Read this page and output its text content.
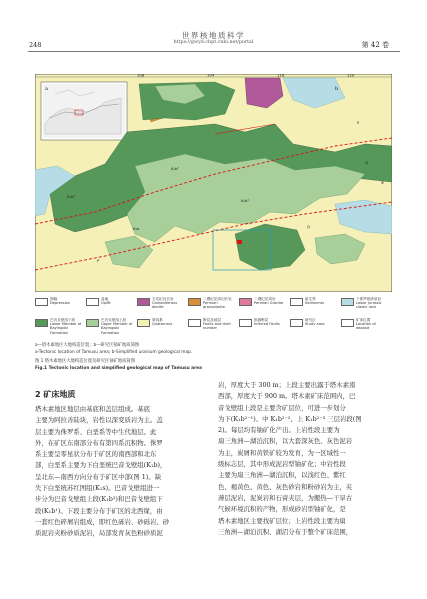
世界核地质科学
https://gwyd.cbpt.cnki.net/portal
248	第 42 卷
a	b
108	104	116	120
K₂b³
K₂b²
K₂b¹
K₂b
Q
Q
E
P
Ψ
图幅
Depression
盆地
Uplift
石炭纪闪长岩
Carboniferous diorite
二叠纪花岗闪长岩
Permian granodiorite
二叠纪花岗岩
Permian Granite
新生界
Sediments
下侏罗统砂质岩
Lower Jurassic clastic rock
巴音戈壁组下段
Lower Member of Bayingobi Formation
巴音戈壁组上段
Upper Member of Bayingobi Formation
第四系
Quaternary
断层及地层
Faults and their number
推测断层
Inferred Faults
研究区
Study area
矿床位置
Location of deposit
a—塔木素地区大地构造位置；b—研究区铀矿地质简图
a-Tectonic location of Tamusu area; b-Simplified uranium geological map.
图 1 塔木素地区大地构造位置及研究区铀矿地质简图
Fig.1 Tectonic location and simplified geological map of Tamusu area
2 矿床地质

塔木素地区地层由基底和盖层组成。基底

主要为阿拉善陆块，岩性以深变质岩为主。盖

层主要为侏罗系、白垩系等中生代地层。此

外，在矿区东南部分布有第四系沉积物。侏罗

系主要呈零星状分布于矿区的南西部和北东

部，白垩系主要为下白垩统巴音戈壁组(K₁b)，

呈北东—南西方向分布于矿区中部(图 1)。缺

失下白垩统苏红图组(K₁s)。巴音戈壁组进一

步分为巴音戈壁组上段(K₁b²)和巴音戈壁组下

段(K₁b¹)。下段主要分布于矿区的北西缘，由

一套红色碎屑岩组成，即红色砾岩、砂砾岩、砂

质泥岩夹粉砂质泥岩，局部发育灰色粉砂质泥

岩，厚度大于 300 m；上段主要出露于塔木素南

西部，厚度大于 900 m。塔木素矿床范围内，巴

音戈壁组上段是主要含矿层位，可进一步划分

为下(K₁b²⁻¹)、中 K₁b²⁻²、上 K₁b²⁻³ 三层岩段(图

2)。每层均有铀矿化产出。上岩性段主要为

扇三角洲—湖泊沉积，以大套深灰色、灰色泥岩

为主，炭屑和黄铁矿较为发育，为一区域性一

级标志层，其中形成泥岩型铀矿化；中岩性段

主要为扇三角洲—湖泊沉积，以浅红色、紫红

色、褐黄色、黄色、灰色砂岩和粉砂岩为主，夹

薄层泥岩，泥炭岩和石膏夹层，为搬热—干旱古

气候环境沉积的产物，形成砂岩型铀矿化，是

塔木素地区主要找矿层位；上岩性段主要为扇

三角洲—湖泊沉积、湖沼分布于整个矿床范围，
